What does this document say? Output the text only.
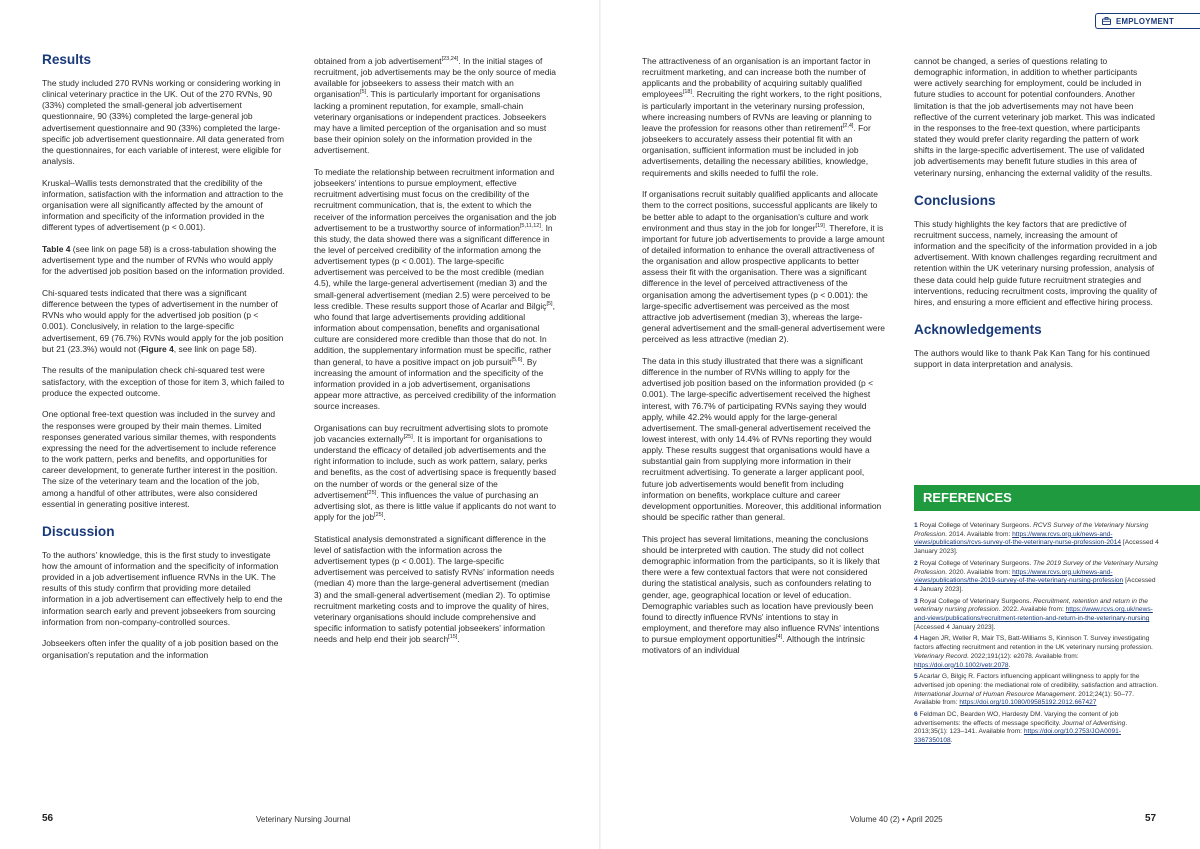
EMPLOYMENT
Results

The study included 270 RVNs working or considering working in clinical veterinary practice in the UK. Out of the 270 RVNs, 90 (33%) completed the small-general job advertisement questionnaire, 90 (33%) completed the large-general job advertisement questionnaire and 90 (33%) completed the large-specific job advertisement questionnaire. All data generated from the questionnaires, for each variable of interest, were eligible for analysis.

Kruskal–Wallis tests demonstrated that the credibility of the information, satisfaction with the information and attraction to the organisation were all significantly affected by the amount of information and specificity of the information provided in the different types of advertisement (p < 0.001).

Table 4 (see link on page 58) is a cross-tabulation showing the advertisement type and the number of RVNs who would apply for the advertised job position based on the information provided.

Chi-squared tests indicated that there was a significant difference between the types of advertisement in the number of RVNs who would apply for the advertised job position (p < 0.001). Conclusively, in relation to the large-specific advertisement, 69 (76.7%) RVNs would apply for the job position but 21 (23.3%) would not (Figure 4, see link on page 58).

The results of the manipulation check chi-squared test were satisfactory, with the exception of those for item 3, which failed to produce the expected outcome.

One optional free-text question was included in the survey and the responses were grouped by their main themes. Limited responses generated various similar themes, with respondents expressing the need for the advertisement to include reference to the work pattern, perks and benefits, and opportunities for career development, to generate further interest in the position. The size of the veterinary team and the location of the job, among a handful of other attributes, were also considered essential in generating positive interest.

Discussion

To the authors' knowledge, this is the first study to investigate how the amount of information and the specificity of information provided in a job advertisement influence RVNs in the UK. The results of this study confirm that providing more detailed information in a job advertisement can effectively help to end the information search early and prevent jobseekers from sourcing information from non-company-controlled sources.

Jobseekers often infer the quality of a job position based on the organisation's reputation and the information

obtained from a job advertisement[23,24]. In the initial stages of recruitment, job advertisements may be the only source of media available for jobseekers to assess their match with an organisation[5]. This is particularly important for organisations lacking a prominent reputation, for example, small-chain veterinary organisations or independent practices. Jobseekers may have a limited perception of the organisation and so must base their opinion solely on the information provided in the advertisement.

To mediate the relationship between recruitment information and jobseekers' intentions to pursue employment, effective recruitment advertising must focus on the credibility of the recruitment communication, that is, the extent to which the receiver of the information perceives the organisation and the job advertisement to be a trustworthy source of information[5,11,12]. In this study, the data showed there was a significant difference in the level of perceived credibility of the information among the advertisement types (p < 0.001). The large-specific advertisement was perceived to be the most credible (median 4.5), while the large-general advertisement (median 3) and the small-general advertisement (median 2.5) were perceived to be less credible. These results support those of Acarlar and Bilgiç[5], who found that large advertisements providing additional information about compensation, benefits and organisational culture are considered more credible than those that do not. In addition, the supplementary information must be specific, rather than general, to have a positive impact on job pursuit[5,6]. By increasing the amount of information and the specificity of the information provided in a job advertisement, organisations appear more attractive, as perceived credibility of the information source increases.

Organisations can buy recruitment advertising slots to promote job vacancies externally[25]. It is important for organisations to understand the efficacy of detailed job advertisements and the right information to include, such as work pattern, salary, perks and benefits, as the cost of advertising space is frequently based on the number of words or the general size of the advertisement[25]. This influences the value of purchasing an advertising slot, as there is little value if applicants do not want to apply for the job[25].

Statistical analysis demonstrated a significant difference in the level of satisfaction with the information across the advertisement types (p < 0.001). The large-specific advertisement was perceived to satisfy RVNs' information needs (median 4) more than the large-general advertisement (median 3) and the small-general advertisement (median 2). To optimise recruitment marketing costs and to improve the quality of hires, veterinary organisations should include comprehensive and specific information to satisfy potential jobseekers' information needs and help end their job search[15].

The attractiveness of an organisation is an important factor in recruitment marketing, and can increase both the number of applicants and the probability of acquiring suitably qualified employees[18]. Recruiting the right workers, to the right positions, is particularly important in the veterinary nursing profession, where increasing numbers of RVNs are leaving or planning to leave the profession for reasons other than retirement[2,4]. For jobseekers to accurately assess their potential fit with an organisation, sufficient information must be included in job advertisements, detailing the necessary abilities, knowledge, requirements and skills needed to fulfil the role.

If organisations recruit suitably qualified applicants and allocate them to the correct positions, successful applicants are likely to be better able to adapt to the organisation's culture and work environment and thus stay in the job for longer[19]. Therefore, it is important for future job advertisements to provide a large amount of detailed information to enhance the overall attractiveness of the organisation and allow prospective applicants to better assess their fit with the organisation. There was a significant difference in the level of perceived attractiveness of the organisation among the advertisement types (p < 0.001): the large-specific advertisement was perceived as the most attractive job advertisement (median 3), whereas the large-general advertisement and the small-general advertisement were perceived as less attractive (median 2).

The data in this study illustrated that there was a significant difference in the number of RVNs willing to apply for the advertised job position based on the information provided (p < 0.001). The large-specific advertisement received the highest interest, with 76.7% of participating RVNs saying they would apply, while 42.2% would apply for the large-general advertisement. The small-general advertisement received the lowest interest, with only 14.4% of RVNs reporting they would apply. These results suggest that organisations would have a substantial gain from supplying more information in their recruitment advertising. To generate a larger applicant pool, future job advertisements would benefit from including information on benefits, workplace culture and career development opportunities. Moreover, this additional information should be specific rather than general.

This project has several limitations, meaning the conclusions should be interpreted with caution. The study did not collect demographic information from the participants, so it is likely that there were a few contextual factors that were not considered during the statistical analysis, such as confounders relating to gender, age, geographical location or level of education. Demographic variables such as location have previously been found to directly influence RVNs' intentions to stay in employment, and therefore may also influence RVNs' intentions to pursue employment opportunities[4]. Although the intrinsic motivators of an individual

cannot be changed, a series of questions relating to demographic information, in addition to whether participants were actively searching for employment, could be included in future studies to account for potential confounders. Another limitation is that the job advertisements may not have been reflective of the current veterinary job market. This was indicated in the responses to the free-text question, where participants stated they would prefer clarity regarding the pattern of work shifts in the large-specific advertisement. The use of validated job advertisements may benefit future studies in this area of veterinary nursing, enhancing the external validity of the results.

Conclusions

This study highlights the key factors that are predictive of recruitment success, namely, increasing the amount of information and the specificity of the information provided in a job advertisement. With known challenges regarding recruitment and retention within the UK veterinary nursing profession, analysis of these data could help guide future recruitment strategies and interventions, reducing recruitment costs, improving the quality of hires, and ensuring a more efficient and effective hiring process.

Acknowledgements

The authors would like to thank Pak Kan Tang for his continued support in data interpretation and analysis.

REFERENCES
1 Royal College of Veterinary Surgeons. RCVS Survey of the Veterinary Nursing Profession. 2014. Available from: https://www.rcvs.org.uk/news-and-views/publications/rcvs-survey-of-the-veterinary-nurse-profession-2014 [Accessed 4 January 2023].
2 Royal College of Veterinary Surgeons. The 2019 Survey of the Veterinary Nursing Profession. 2020. Available from: https://www.rcvs.org.uk/news-and-views/publications/the-2019-survey-of-the-veterinary-nursing-profession [Accessed 4 January 2023].
3 Royal College of Veterinary Surgeons. Recruitment, retention and return in the veterinary nursing profession. 2022. Available from: https://www.rcvs.org.uk/news-and-views/publications/recruitment-retention-and-return-in-the-veterinary-nursing [Accessed 4 January 2023].
4 Hagen JR, Weller R, Mair TS, Batt-Williams S, Kinnison T. Survey investigating factors affecting recruitment and retention in the UK veterinary nursing profession. Veterinary Record. 2022;191(12): e2078. Available from: https://doi.org/10.1002/vetr.2078.
5 Acarlar G, Bilgiç R. Factors influencing applicant willingness to apply for the advertised job opening: the mediational role of credibility, satisfaction and attraction. International Journal of Human Resource Management. 2012;24(1): 50–77. Available from: https://doi.org/10.1080/09585192.2012.667427
6 Feldman DC, Bearden WO, Hardesty DM. Varying the content of job advertisements: the effects of message specificity. Journal of Advertising. 2013;35(1): 123–141. Available from: https://doi.org/10.2753/JOA0091-3367350108.
56	Veterinary Nursing Journal	Volume 40 (2) • April 2025	57
